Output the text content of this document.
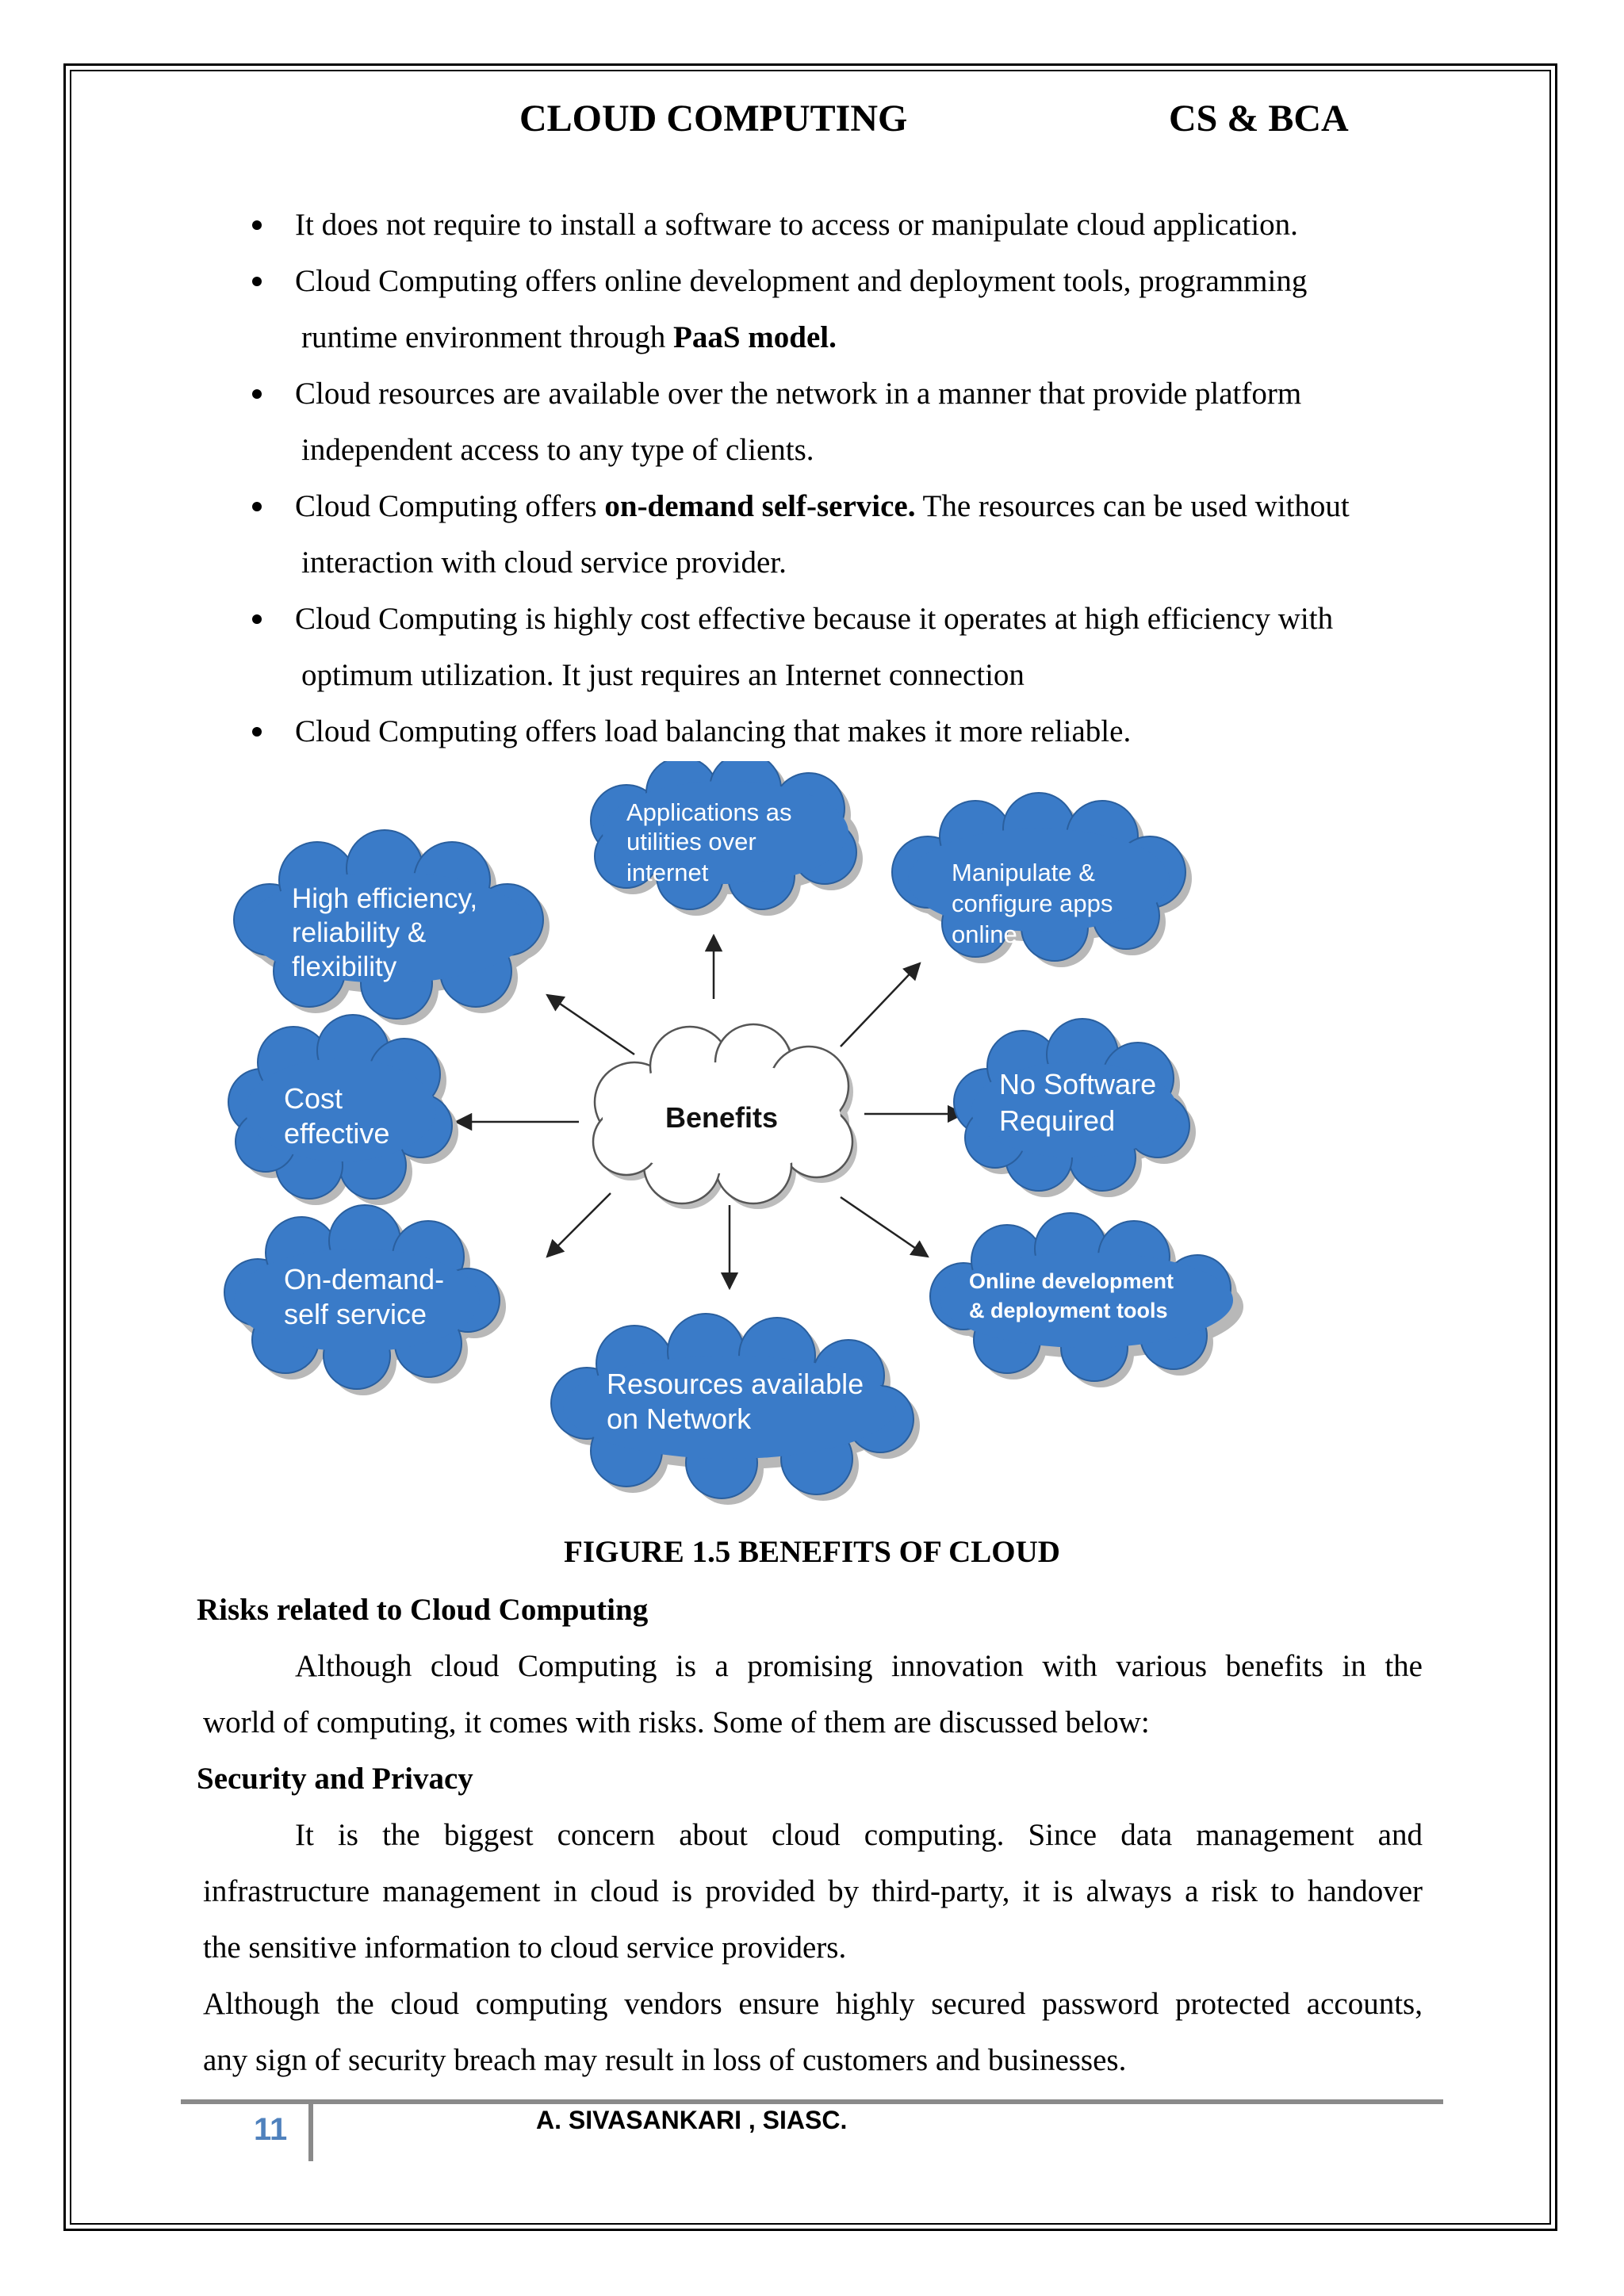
CLOUD COMPUTING	CS & BCA
It does not require to install a software to access or manipulate cloud application.
Cloud Computing offers online development and deployment tools, programming
runtime environment through PaaS model.
Cloud resources are available over the network in a manner that provide platform
independent access to any type of clients.
Cloud Computing offers on-demand self-service. The resources can be used without
interaction with cloud service provider.
Cloud Computing is highly cost effective because it operates at high efficiency with
optimum utilization. It just requires an Internet connection
Cloud Computing offers load balancing that makes it more reliable.
Benefits
Applications as
utilities over
internet	Manipulate &
configure apps
online
High efficiency,
reliability &
flexibility
No Software
Required
Cost
effective
Online development
& deployment tools
On-demand-
self service
Resources available
on Network
FIGURE 1.5 BENEFITS OF CLOUD
Risks related to Cloud Computing
Although cloud Computing is a promising innovation with various benefits in the
world of computing, it comes with risks. Some of them are discussed below:
Security and Privacy
It is the biggest concern about cloud computing. Since data management and
infrastructure management in cloud is provided by third-party, it is always a risk to handover
the sensitive information to cloud service providers.
Although the cloud computing vendors ensure highly secured password protected accounts,
any sign of security breach may result in loss of customers and businesses.
11	A. SIVASANKARI , SIASC.
